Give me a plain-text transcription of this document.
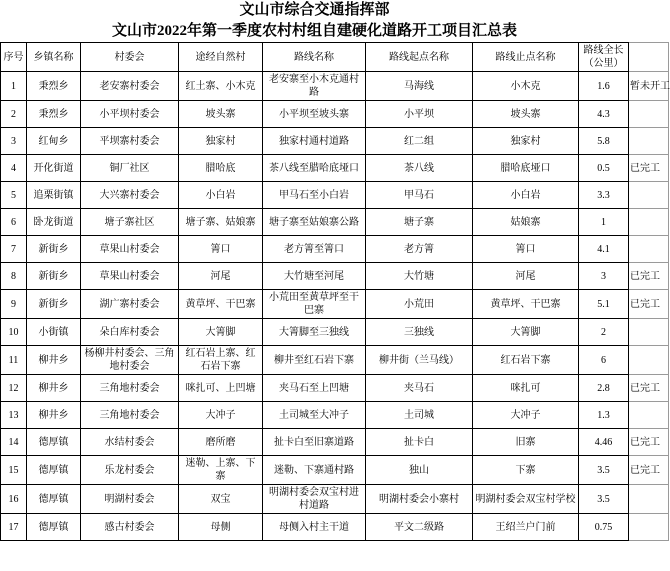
文山市综合交通指挥部								
文山市2022年第一季度农村村组自建硬化道路开工项目汇总表								
序号	乡镇名称	村委会	途经自然村	路线名称	路线起点名称	路线止点名称	路线全长（公里）	
1	秉烈乡	老安寨村委会	红土寨、小木克	老安寨至小木克通村路	马海线	小木克	1.6	暂未开工
2	秉烈乡	小平坝村委会	坡头寨	小平坝至坡头寨	小平坝	坡头寨	4.3	
3	红甸乡	平坝寨村委会	独家村	独家村通村道路	红二组	独家村	5.8	
4	开化街道	铜厂社区	腊哈底	茶八线至腊哈底垭口	茶八线	腊哈底垭口	0.5	已完工
5	追栗街镇	大兴寨村委会	小白岩	甲马石至小白岩	甲马石	小白岩	3.3	
6	卧龙街道	塘子寨社区	塘子寨、姑娘寨	塘子寨至姑娘寨公路	塘子寨	姑娘寨	1	
7	新街乡	草果山村委会	箐口	老方箐至箐口	老方箐	箐口	4.1	
8	新街乡	草果山村委会	河尾	大竹塘至河尾	大竹塘	河尾	3	已完工
9	新街乡	湖广寨村委会	黄草坪、干巴寨	小荒田至黄草坪至干巴寨	小荒田	黄草坪、干巴寨	5.1	已完工
10	小街镇	朵白库村委会	大箐脚	大箐脚至三独线	三独线	大箐脚	2	
11	柳井乡	杨柳井村委会、三角地村委会	红石岩上寨、红石岩下寨	柳井至红石岩下寨	柳井街（兰马线）	红石岩下寨	6	
12	柳井乡	三角地村委会	咪扎可、上凹塘	夹马石至上凹塘	夹马石	咪扎可	2.8	已完工
13	柳井乡	三角地村委会	大冲子	土司城至大冲子	土司城	大冲子	1.3	
14	德厚镇	水结村委会	磨所磨	扯卡白至旧寨道路	扯卡白	旧寨	4.46	已完工
15	德厚镇	乐龙村委会	迷勒、上寨、下寨	迷勒、下寨通村路	独山	下寨	3.5	已完工
16	德厚镇	明湖村委会	双宝	明湖村委会双宝村进村道路	明湖村委会小寨村	明湖村委会双宝村学校	3.5	
17	德厚镇	感古村委会	母侧	母侧入村主干道	平文二级路	王绍兰户门前	0.75	
